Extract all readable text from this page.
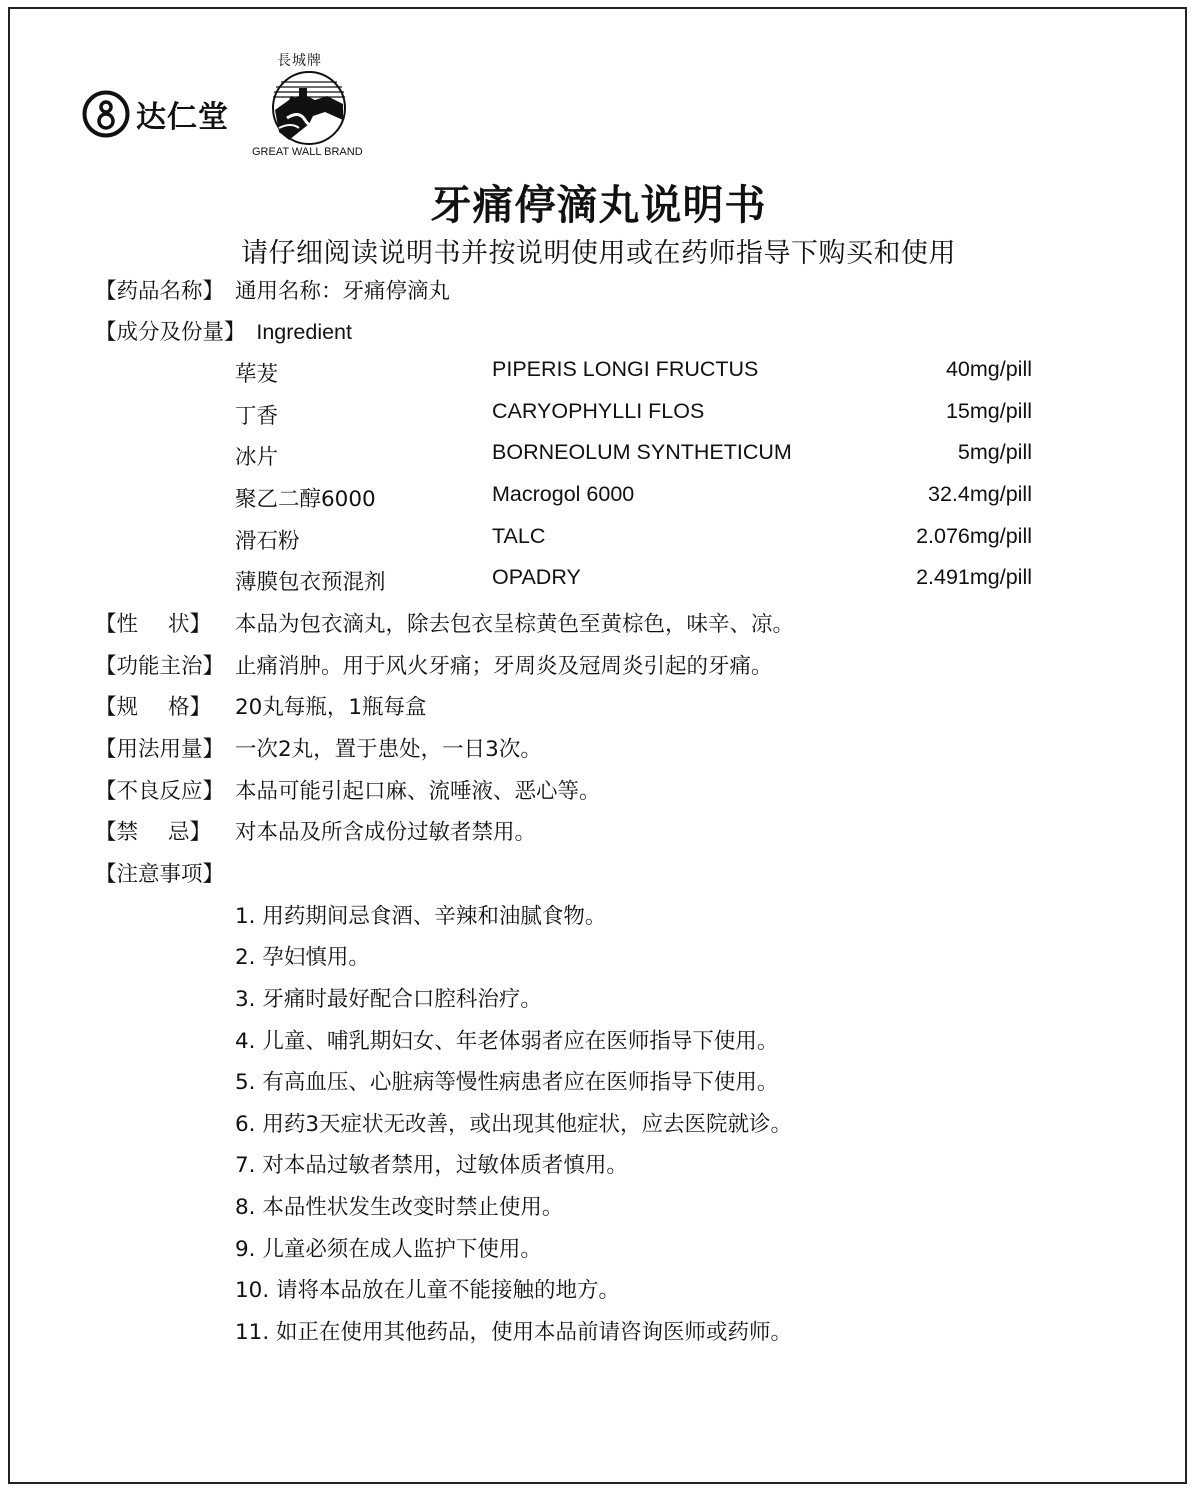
达仁堂
長城牌
GREAT WALL BRAND
牙痛停滴丸说明书
请仔细阅读说明书并按说明使用或在药师指导下购买和使用
【药品名称】 通用名称：牙痛停滴丸
【成分及份量】 Ingredient
荜茇	PIPERIS LONGI FRUCTUS	40mg/pill
丁香	CARYOPHYLLI FLOS	15mg/pill
冰片	BORNEOLUM SYNTHETICUM	5mg/pill
聚乙二醇6000	Macrogol 6000	32.4mg/pill
滑石粉	TALC	2.076mg/pill
薄膜包衣预混剂	OPADRY	2.491mg/pill
【性 状】 本品为包衣滴丸，除去包衣呈棕黄色至黄棕色，味辛、凉。
【功能主治】 止痛消肿。用于风火牙痛；牙周炎及冠周炎引起的牙痛。
【规 格】 20丸每瓶，1瓶每盒
【用法用量】 一次2丸，置于患处，一日3次。
【不良反应】 本品可能引起口麻、流唾液、恶心等。
【禁 忌】 对本品及所含成份过敏者禁用。
【注意事项】
1. 用药期间忌食酒、辛辣和油腻食物。
2. 孕妇慎用。
3. 牙痛时最好配合口腔科治疗。
4. 儿童、哺乳期妇女、年老体弱者应在医师指导下使用。
5. 有高血压、心脏病等慢性病患者应在医师指导下使用。
6. 用药3天症状无改善，或出现其他症状，应去医院就诊。
7. 对本品过敏者禁用，过敏体质者慎用。
8. 本品性状发生改变时禁止使用。
9. 儿童必须在成人监护下使用。
10. 请将本品放在儿童不能接触的地方。
11. 如正在使用其他药品，使用本品前请咨询医师或药师。
